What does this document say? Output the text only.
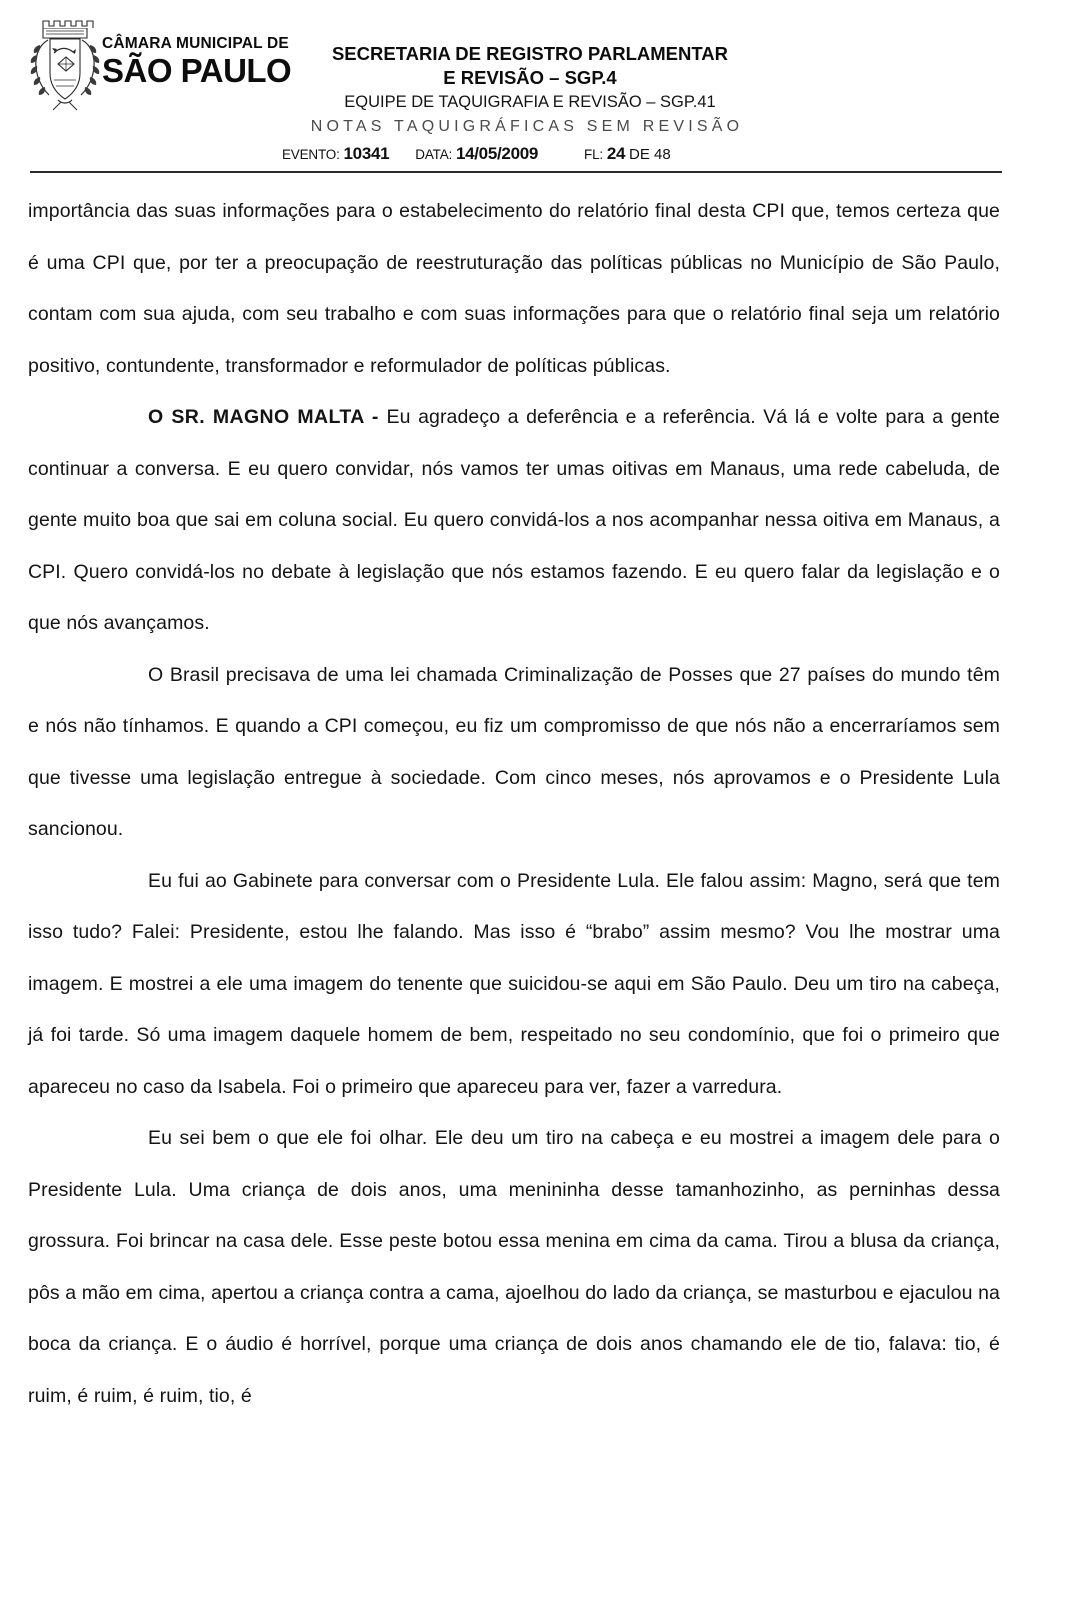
CÂMARA MUNICIPAL DE
SÃO PAULO	SECRETARIA DE REGISTRO PARLAMENTAR
E REVISÃO – SGP.4
EQUIPE DE TAQUIGRAFIA E REVISÃO – SGP.41
NOTAS TAQUIGRÁFICAS SEM REVISÃO
EVENTO: 10341 DATA: 14/05/2009	FL: 24 DE 48

importância das suas informações para o estabelecimento do relatório final desta CPI que, temos certeza que é uma CPI que, por ter a preocupação de reestruturação das políticas públicas no Município de São Paulo, contam com sua ajuda, com seu trabalho e com suas informações para que o relatório final seja um relatório positivo, contundente, transformador e reformulador de políticas públicas.

O SR. MAGNO MALTA - Eu agradeço a deferência e a referência. Vá lá e volte para a gente continuar a conversa. E eu quero convidar, nós vamos ter umas oitivas em Manaus, uma rede cabeluda, de gente muito boa que sai em coluna social. Eu quero convidá-los a nos acompanhar nessa oitiva em Manaus, a CPI. Quero convidá-los no debate à legislação que nós estamos fazendo. E eu quero falar da legislação e o que nós avançamos.

O Brasil precisava de uma lei chamada Criminalização de Posses que 27 países do mundo têm e nós não tínhamos. E quando a CPI começou, eu fiz um compromisso de que nós não a encerraríamos sem que tivesse uma legislação entregue à sociedade. Com cinco meses, nós aprovamos e o Presidente Lula sancionou.

Eu fui ao Gabinete para conversar com o Presidente Lula. Ele falou assim: Magno, será que tem isso tudo? Falei: Presidente, estou lhe falando. Mas isso é “brabo” assim mesmo? Vou lhe mostrar uma imagem. E mostrei a ele uma imagem do tenente que suicidou-se aqui em São Paulo. Deu um tiro na cabeça, já foi tarde. Só uma imagem daquele homem de bem, respeitado no seu condomínio, que foi o primeiro que apareceu no caso da Isabela. Foi o primeiro que apareceu para ver, fazer a varredura.

Eu sei bem o que ele foi olhar. Ele deu um tiro na cabeça e eu mostrei a imagem dele para o Presidente Lula. Uma criança de dois anos, uma menininha desse tamanhozinho, as perninhas dessa grossura. Foi brincar na casa dele. Esse peste botou essa menina em cima da cama. Tirou a blusa da criança, pôs a mão em cima, apertou a criança contra a cama, ajoelhou do lado da criança, se masturbou e ejaculou na boca da criança. E o áudio é horrível, porque uma criança de dois anos chamando ele de tio, falava: tio, é ruim, é ruim, é ruim, tio, é
